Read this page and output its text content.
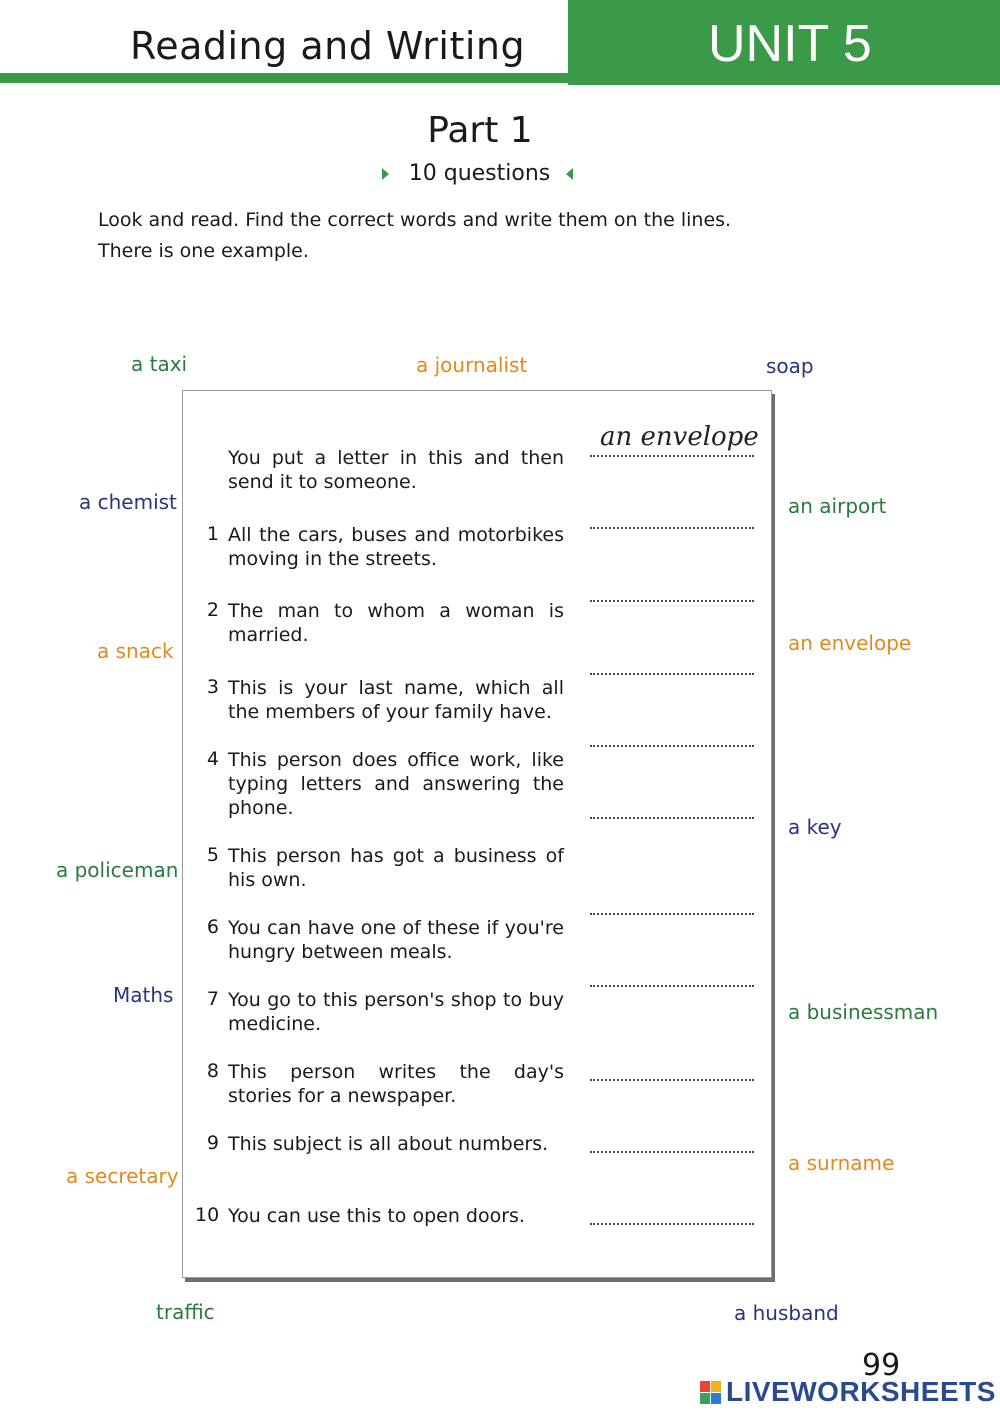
UNIT 5
Reading and Writing
Part 1
10 questions
Look and read. Find the correct words and write them on the lines.
There is one example.
a taxi	a journalist	soap
a chemist	an airport
a snack	an envelope
a key
a policeman
Maths
a businessman
a secretary
a surname
traffic	a husband
You put a letter in this and then send it to someone.
an envelope
1 All the cars, buses and motorbikes moving in the streets.
2 The man to whom a woman is married.
3 This is your last name, which all the members of your family have.
4 This person does office work, like typing letters and answering the phone.
5 This person has got a business of his own.
6 You can have one of these if you're hungry between meals.
7 You go to this person's shop to buy medicine.
8 This person writes the day's stories for a newspaper.
9 This subject is all about numbers.
10 You can use this to open doors.
99
LIVEWORKSHEETS
